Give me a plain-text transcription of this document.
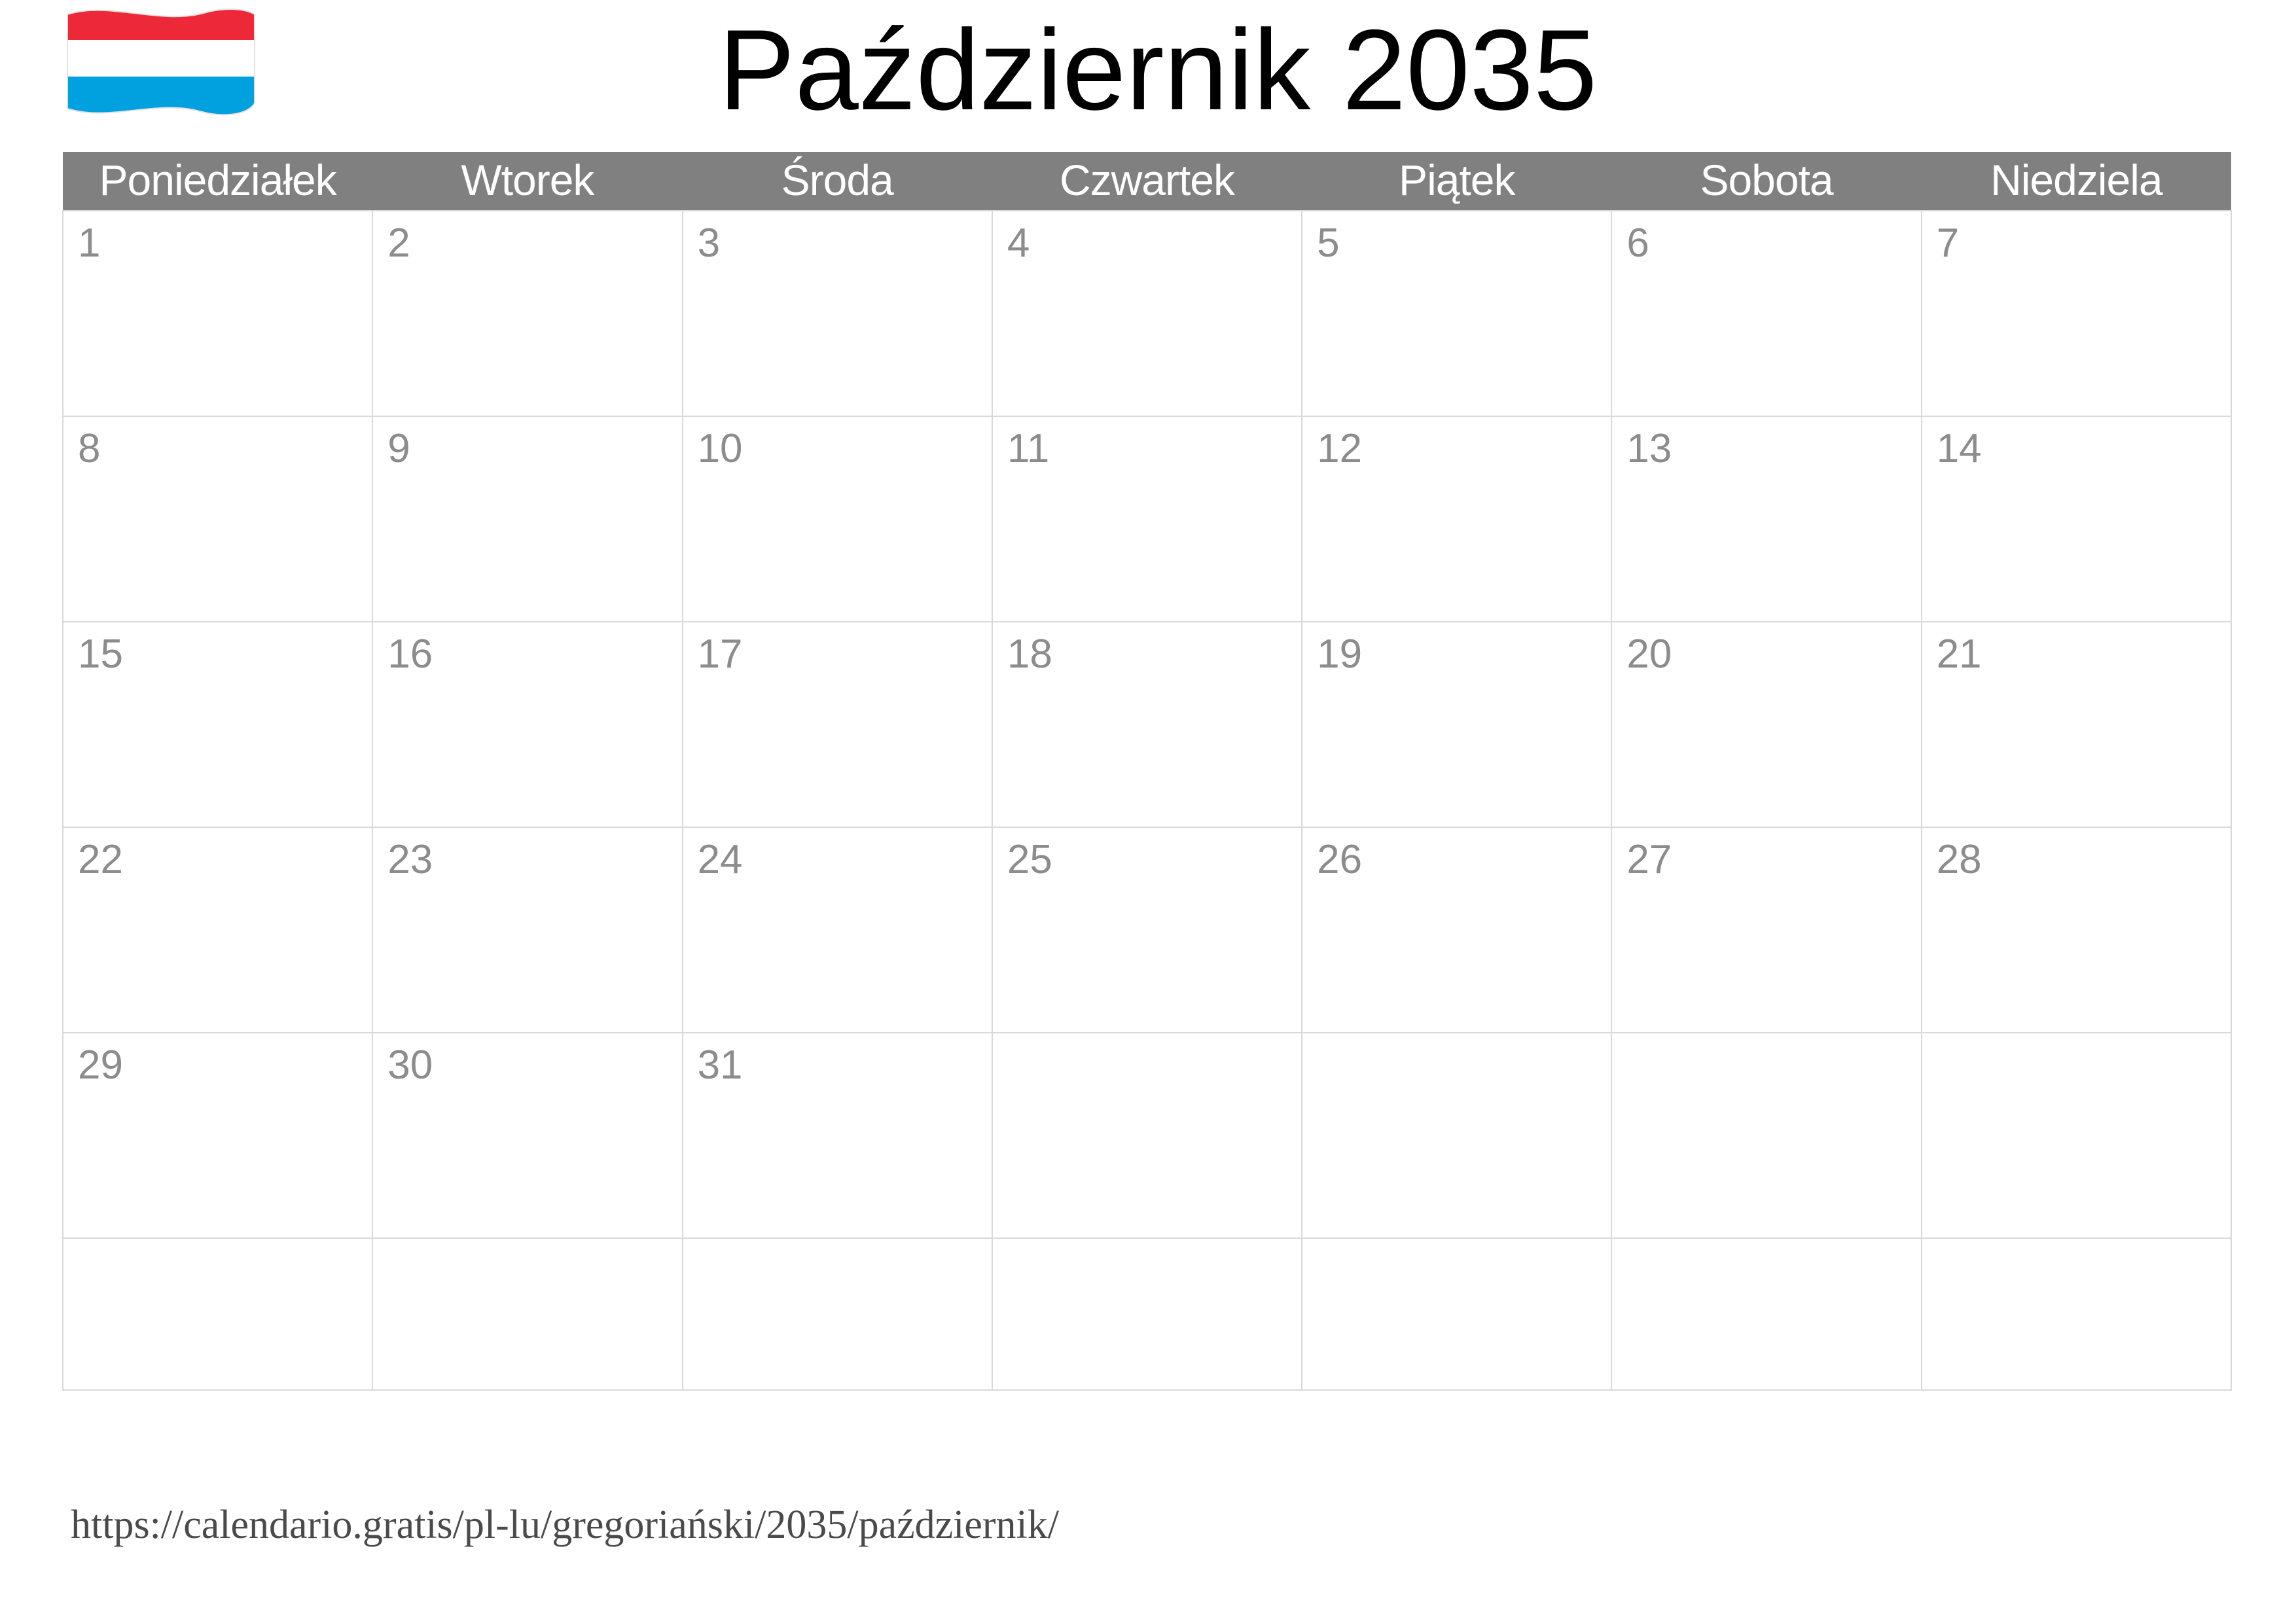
Październik 2035
Poniedziałek	Wtorek	Środa	Czwartek	Piątek	Sobota	Niedziela

1	2	3	4	5	6	7

8	9	10	11	12	13	14

15	16	17	18	19	20	21

22	23	24	25	26	27	28

29	30	31				

https://calendario.gratis/pl-lu/gregoriański/2035/październik/
